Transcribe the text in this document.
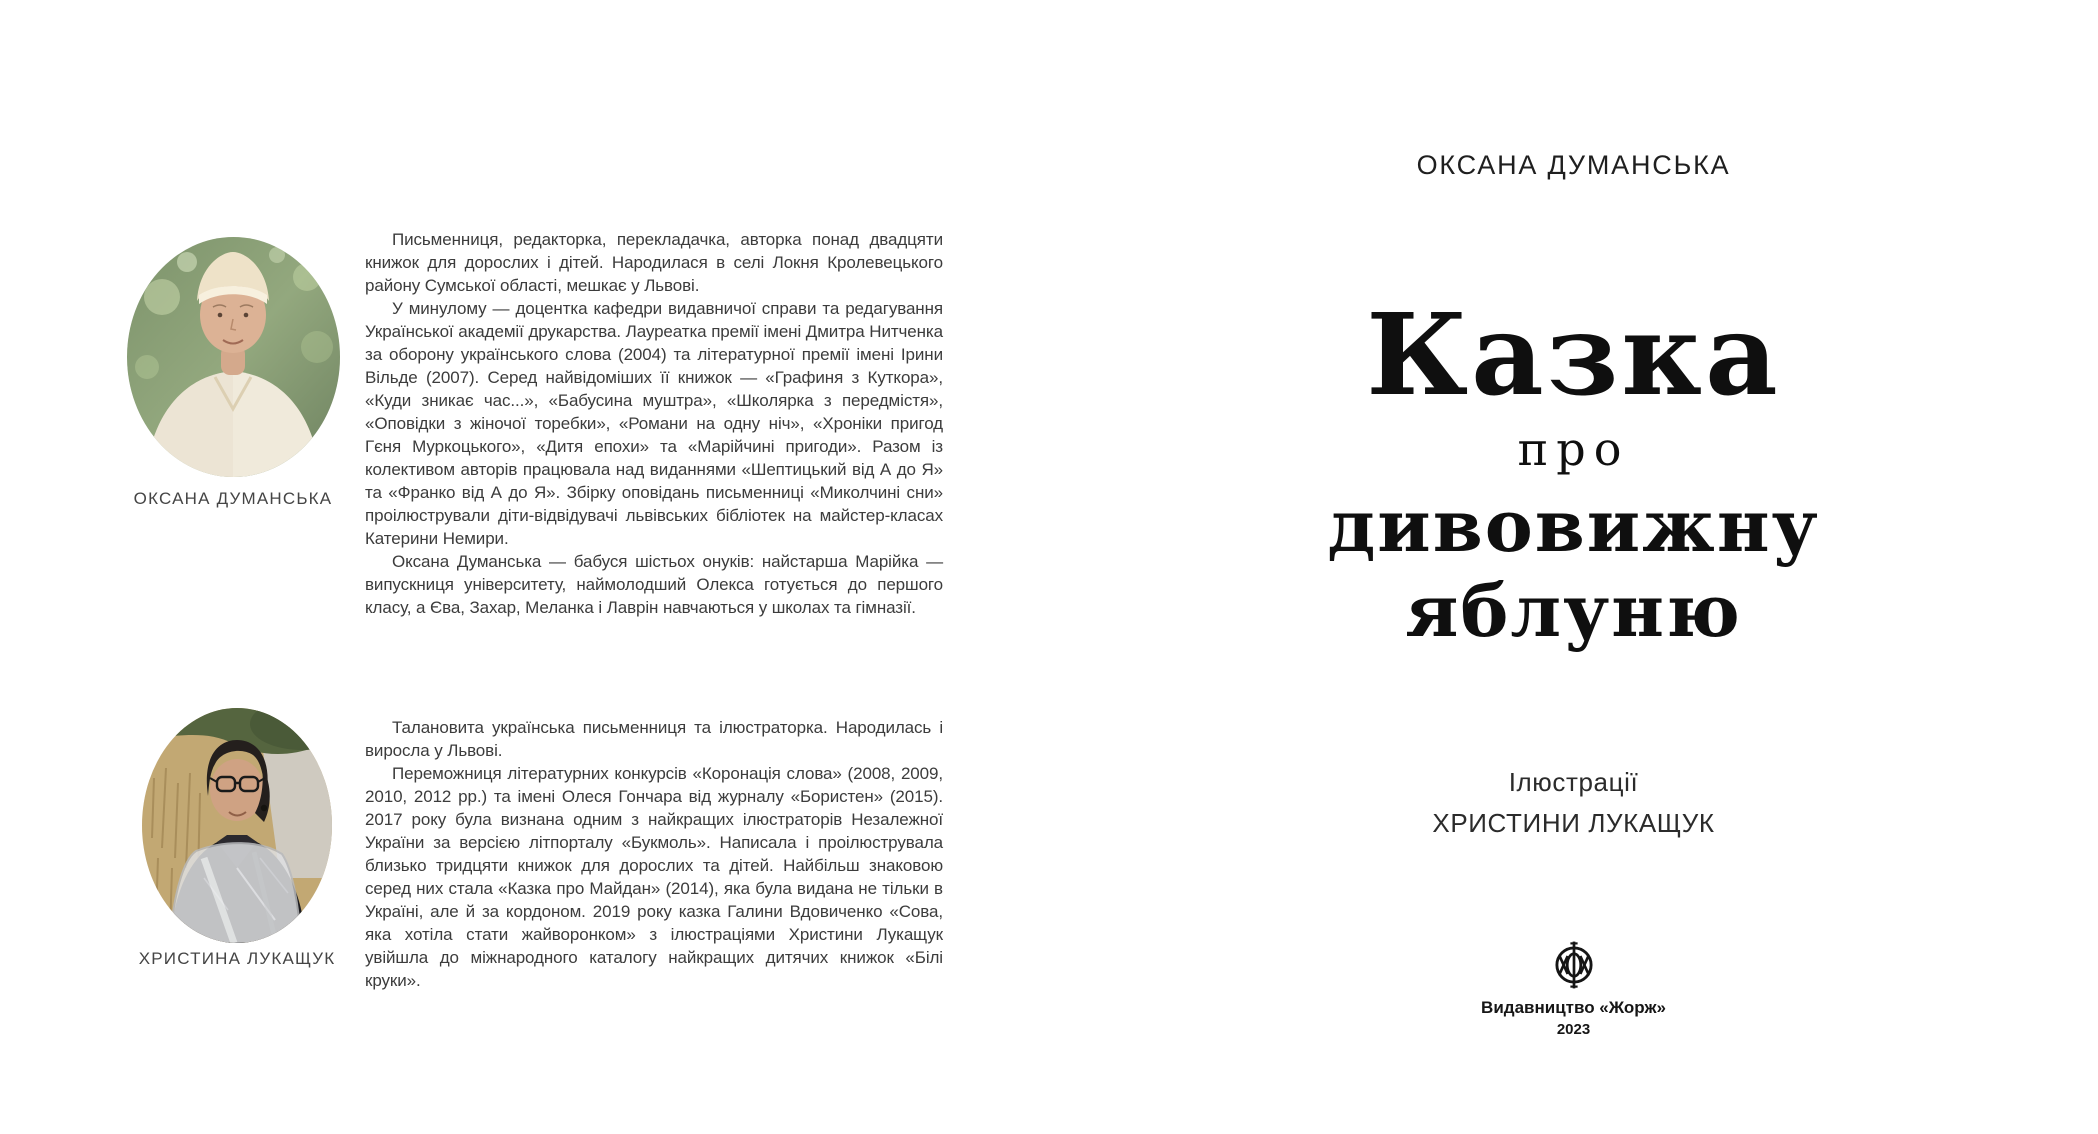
ОКСАНА ДУМАНСЬКА

Письменниця, редакторка, перекладачка, авторка понад двадцяти книжок для дорослих і дітей. Народилася в селі Локня Кролевецького району Сумської області, мешкає у Львові.

У минулому — доцентка кафедри видавничої справи та редагування Української академії друкарства. Лауреатка премії імені Дмитра Нитченка за оборону українського слова (2004) та літературної премії імені Ірини Вільде (2007). Серед найвідоміших її книжок — «Графиня з Куткора», «Куди зникає час...», «Бабусина муштра», «Школярка з передмістя», «Оповідки з жіночої торебки», «Романи на одну ніч», «Хроніки пригод Гєня Муркоцького», «Дитя епохи» та «Марійчині пригоди». Разом із колективом авторів працювала над виданнями «Шептицький від А до Я» та «Франко від А до Я». Збірку оповідань письменниці «Миколчині сни» проілюстрували діти-відвідувачі львівських бібліотек на майстер-класах Катерини Немири.

Оксана Думанська — бабуся шістьох онуків: найстарша Марійка — випускниця університету, наймолодший Олекса готується до першого класу, а Єва, Захар, Меланка і Лаврін навчаються у школах та гімназії.

ХРИСТИНА ЛУКАЩУК

Талановита українська письменниця та ілюстраторка. Народилась і виросла у Львові.

Переможниця літературних конкурсів «Коронація слова» (2008, 2009, 2010, 2012 рр.) та імені Олеся Гончара від журналу «Бористен» (2015). 2017 року була визнана одним з найкращих ілюстраторів Незалежної України за версією літпорталу «Букмоль». Написала і проілюструвала близько тридцяти книжок для дорослих та дітей. Найбільш знаковою серед них стала «Казка про Майдан» (2014), яка була видана не тільки в Україні, але й за кордоном. 2019 року казка Галини Вдовиченко «Сова, яка хотіла стати жайворонком» з ілюстраціями Христини Лукащук увійшла до міжнародного каталогу найкращих дитячих книжок «Білі круки».

ОКСАНА ДУМАНСЬКА
Казка
про
дивовижну
яблуню
Ілюстрації
ХРИСТИНИ ЛУКАЩУК
Видавництво «Жорж»
2023
